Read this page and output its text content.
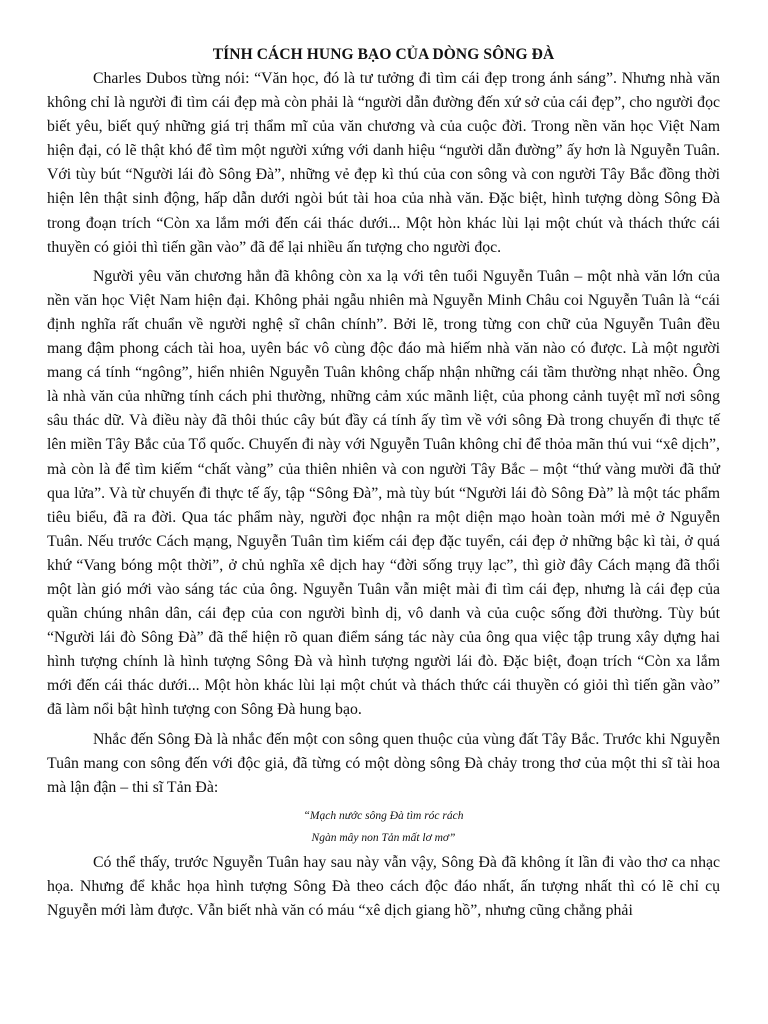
TÍNH CÁCH HUNG BẠO CỦA DÒNG SÔNG ĐÀ

Charles Dubos từng nói: “Văn học, đó là tư tưởng đi tìm cái đẹp trong ánh sáng”. Nhưng nhà văn không chỉ là người đi tìm cái đẹp mà còn phải là “người dẫn đường đến xứ sở của cái đẹp”, cho người đọc biết yêu, biết quý những giá trị thẩm mĩ của văn chương và của cuộc đời. Trong nền văn học Việt Nam hiện đại, có lẽ thật khó để tìm một người xứng với danh hiệu “người dẫn đường” ấy hơn là Nguyễn Tuân. Với tùy bút “Người lái đò Sông Đà”, những vẻ đẹp kì thú của con sông và con người Tây Bắc đồng thời hiện lên thật sinh động, hấp dẫn dưới ngòi bút tài hoa của nhà văn. Đặc biệt, hình tượng dòng Sông Đà trong đoạn trích “Còn xa lắm mới đến cái thác dưới... Một hòn khác lùi lại một chút và thách thức cái thuyền có giỏi thì tiến gần vào” đã để lại nhiều ấn tượng cho người đọc.

Người yêu văn chương hẳn đã không còn xa lạ với tên tuổi Nguyễn Tuân – một nhà văn lớn của nền văn học Việt Nam hiện đại. Không phải ngẫu nhiên mà Nguyễn Minh Châu coi Nguyễn Tuân là “cái định nghĩa rất chuẩn về người nghệ sĩ chân chính”. Bởi lẽ, trong từng con chữ của Nguyễn Tuân đều mang đậm phong cách tài hoa, uyên bác vô cùng độc đáo mà hiếm nhà văn nào có được. Là một người mang cá tính “ngông”, hiển nhiên Nguyễn Tuân không chấp nhận những cái tầm thường nhạt nhẽo. Ông là nhà văn của những tính cách phi thường, những cảm xúc mãnh liệt, của phong cảnh tuyệt mĩ nơi sông sâu thác dữ. Và điều này đã thôi thúc cây bút đầy cá tính ấy tìm về với sông Đà trong chuyến đi thực tế lên miền Tây Bắc của Tổ quốc. Chuyến đi này với Nguyễn Tuân không chỉ để thỏa mãn thú vui “xê dịch”, mà còn là để tìm kiếm “chất vàng” của thiên nhiên và con người Tây Bắc – một “thứ vàng mười đã thử qua lửa”. Và từ chuyến đi thực tế ấy, tập “Sông Đà”, mà tùy bút “Người lái đò Sông Đà” là một tác phẩm tiêu biểu, đã ra đời. Qua tác phẩm này, người đọc nhận ra một diện mạo hoàn toàn mới mẻ ở Nguyễn Tuân. Nếu trước Cách mạng, Nguyễn Tuân tìm kiếm cái đẹp đặc tuyển, cái đẹp ở những bậc kì tài, ở quá khứ “Vang bóng một thời”, ở chủ nghĩa xê dịch hay “đời sống trụy lạc”, thì giờ đây Cách mạng đã thổi một làn gió mới vào sáng tác của ông. Nguyễn Tuân vẫn miệt mài đi tìm cái đẹp, nhưng là cái đẹp của quần chúng nhân dân, cái đẹp của con người bình dị, vô danh và của cuộc sống đời thường. Tùy bút “Người lái đò Sông Đà” đã thể hiện rõ quan điểm sáng tác này của ông qua việc tập trung xây dựng hai hình tượng chính là hình tượng Sông Đà và hình tượng người lái đò. Đặc biệt, đoạn trích “Còn xa lắm mới đến cái thác dưới... Một hòn khác lùi lại một chút và thách thức cái thuyền có giỏi thì tiến gần vào” đã làm nổi bật hình tượng con Sông Đà hung bạo.

Nhắc đến Sông Đà là nhắc đến một con sông quen thuộc của vùng đất Tây Bắc. Trước khi Nguyễn Tuân mang con sông đến với độc giả, đã từng có một dòng sông Đà chảy trong thơ của một thi sĩ tài hoa mà lận đận – thi sĩ Tản Đà:

“Mạch nước sông Đà tìm róc rách

Ngàn mây non Tản mất lơ mơ”

Có thể thấy, trước Nguyễn Tuân hay sau này vẫn vậy, Sông Đà đã không ít lần đi vào thơ ca nhạc họa. Nhưng để khắc họa hình tượng Sông Đà theo cách độc đáo nhất, ấn tượng nhất thì có lẽ chỉ cụ Nguyễn mới làm được. Vẫn biết nhà văn có máu “xê dịch giang hồ”, nhưng cũng chẳng phải
